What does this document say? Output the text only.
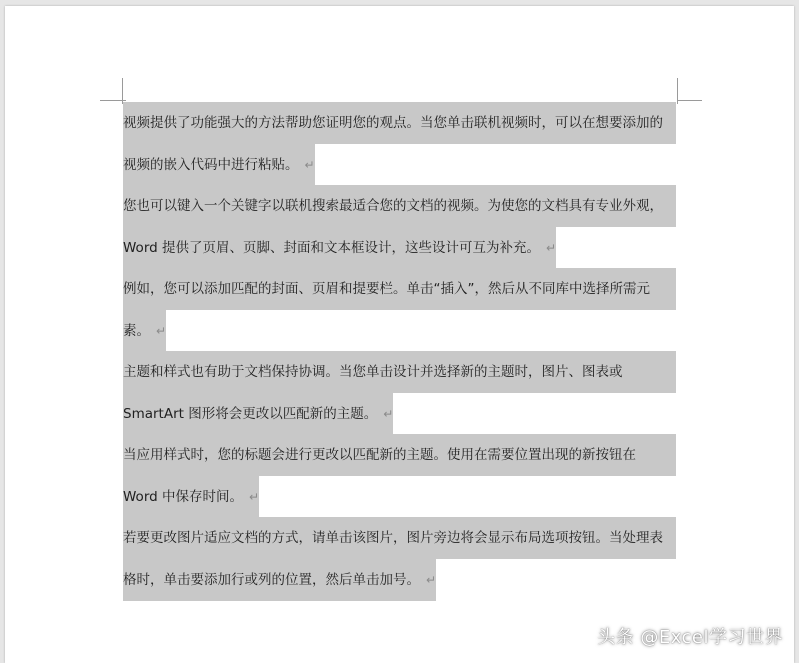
视频提供了功能强大的方法帮助您证明您的观点。当您单击联机视频时，可以在想要添加的
视频的嵌入代码中进行粘贴。 ↵
您也可以键入一个关键字以联机搜索最适合您的文档的视频。为使您的文档具有专业外观，
Word 提供了页眉、页脚、封面和文本框设计，这些设计可互为补充。 ↵
例如，您可以添加匹配的封面、页眉和提要栏。单击“插入”，然后从不同库中选择所需元
素。 ↵
主题和样式也有助于文档保持协调。当您单击设计并选择新的主题时，图片、图表或
SmartArt 图形将会更改以匹配新的主题。 ↵
当应用样式时，您的标题会进行更改以匹配新的主题。使用在需要位置出现的新按钮在
Word 中保存时间。 ↵
若要更改图片适应文档的方式，请单击该图片，图片旁边将会显示布局选项按钮。当处理表
格时，单击要添加行或列的位置，然后单击加号。 ↵
头条 @Excel学习世界
